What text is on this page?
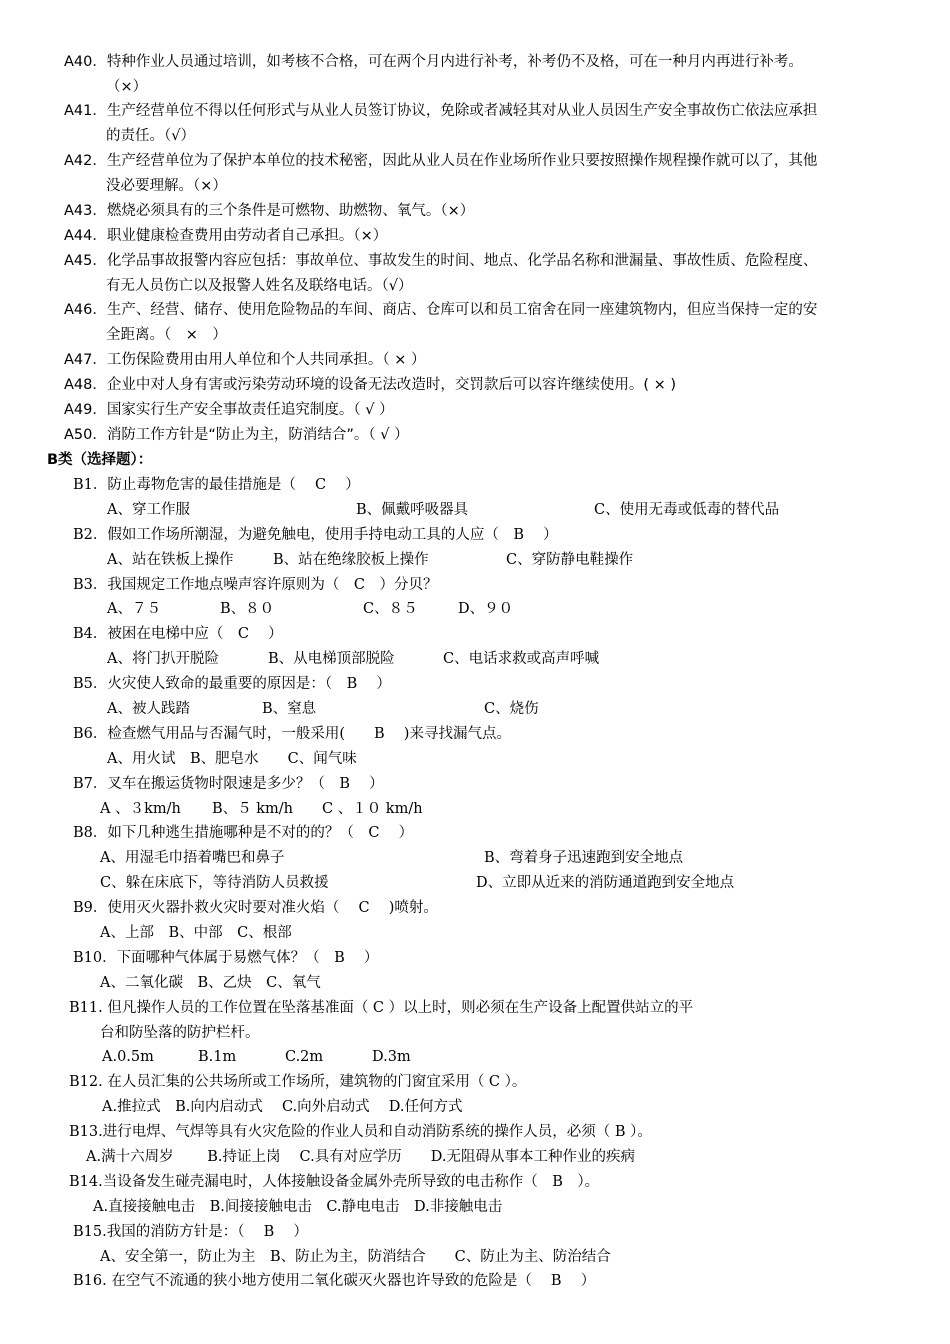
A40．特种作业人员通过培训，如考核不合格，可在两个月内进行补考，补考仍不及格，可在一种月内再进行补考。
（×）
A41．生产经营单位不得以任何形式与从业人员签订协议，免除或者减轻其对从业人员因生产安全事故伤亡依法应承担
的责任。（√）
A42．生产经营单位为了保护本单位的技术秘密，因此从业人员在作业场所作业只要按照操作规程操作就可以了，其他
没必要理解。（×）
A43．燃烧必须具有的三个条件是可燃物、助燃物、氧气。（×）
A44．职业健康检查费用由劳动者自己承担。（×）
A45．化学品事故报警内容应包括：事故单位、事故发生的时间、地点、化学品名称和泄漏量、事故性质、危险程度、
有无人员伤亡以及报警人姓名及联络电话。（√）
A46．生产、经营、储存、使用危险物品的车间、商店、仓库可以和员工宿舍在同一座建筑物内，但应当保持一定的安
全距离。（　×　）
A47．工伤保险费用由用人单位和个人共同承担。（ × ）
A48．企业中对人身有害或污染劳动环境的设备无法改造时，交罚款后可以容许继续使用。( × )
A49．国家实行生产安全事故责任追究制度。（ √ ）
A50．消防工作方针是“防止为主，防消结合”。（ √ ）
B类（选择题）：
B1．防止毒物危害的最佳措施是（　 C　 ）
A、穿工作服	B、佩戴呼吸器具	C、使用无毒或低毒的替代品
B2．假如工作场所潮湿，为避免触电，使用手持电动工具的人应（　B　 ）
A、站在铁板上操作	B、站在绝缘胶板上操作	C、穿防静电鞋操作
B3．我国规定工作地点噪声容许原则为（　C　）分贝？
A、７５	B、８０	C、８５	D、９０
B4．被困在电梯中应（　C　 ）
A、将门扒开脱险	B、从电梯顶部脱险	C、电话求救或高声呼喊
B5．火灾使人致命的最重要的原因是：（　B　 ）
A、被人践踏	B、窒息	C、烧伤
B6．检查燃气用品与否漏气时，一般采用(　　B　 )来寻找漏气点。
A、用火试　B、肥皂水　　C、闻气味
B7．叉车在搬运货物时限速是多少？（　B　 ）
A 、３km/h B、５ km/h C 、１０ km/h
B8．如下几种逃生措施哪种是不对的的？（　C　 ）
A、用湿毛巾捂着嘴巴和鼻子	B、弯着身子迅速跑到安全地点
C、躲在床底下，等待消防人员救援	D、立即从近来的消防通道跑到安全地点
B9．使用灭火器扑救火灾时要对准火焰（　 C　 )喷射。
A、上部　B、中部　C、根部
B10．下面哪种气体属于易燃气体？（　B　 ）
A、二氧化碳　B、乙炔　C、氧气
B11. 但凡操作人员的工作位置在坠落基准面（ C ）以上时，则必须在生产设备上配置供站立的平
台和防坠落的防护栏杆。
A.0.5m	B.1m	C.2m	D.3m
B12. 在人员汇集的公共场所或工作场所，建筑物的门窗宜采用（ C ）。
A.推拉式　B.向内启动式　 C.向外启动式　 D.任何方式
B13.进行电焊、气焊等具有火灾危险的作业人员和自动消防系统的操作人员，必须（ B ）。
A.满十六周岁　　 B.持证上岗　 C.具有对应学历　　D.无阻碍从事本工种作业的疾病
B14.当设备发生碰壳漏电时，人体接触设备金属外壳所导致的电击称作（　B　）。
A.直接接触电击　B.间接接触电击　C.静电电击　D.非接触电击
B15.我国的消防方针是：（　 B　 ）
A、安全第一，防止为主　B、防止为主，防消结合　　C、防止为主、防治结合
B16. 在空气不流通的狭小地方使用二氧化碳灭火器也许导致的危险是（　 B　 ）
